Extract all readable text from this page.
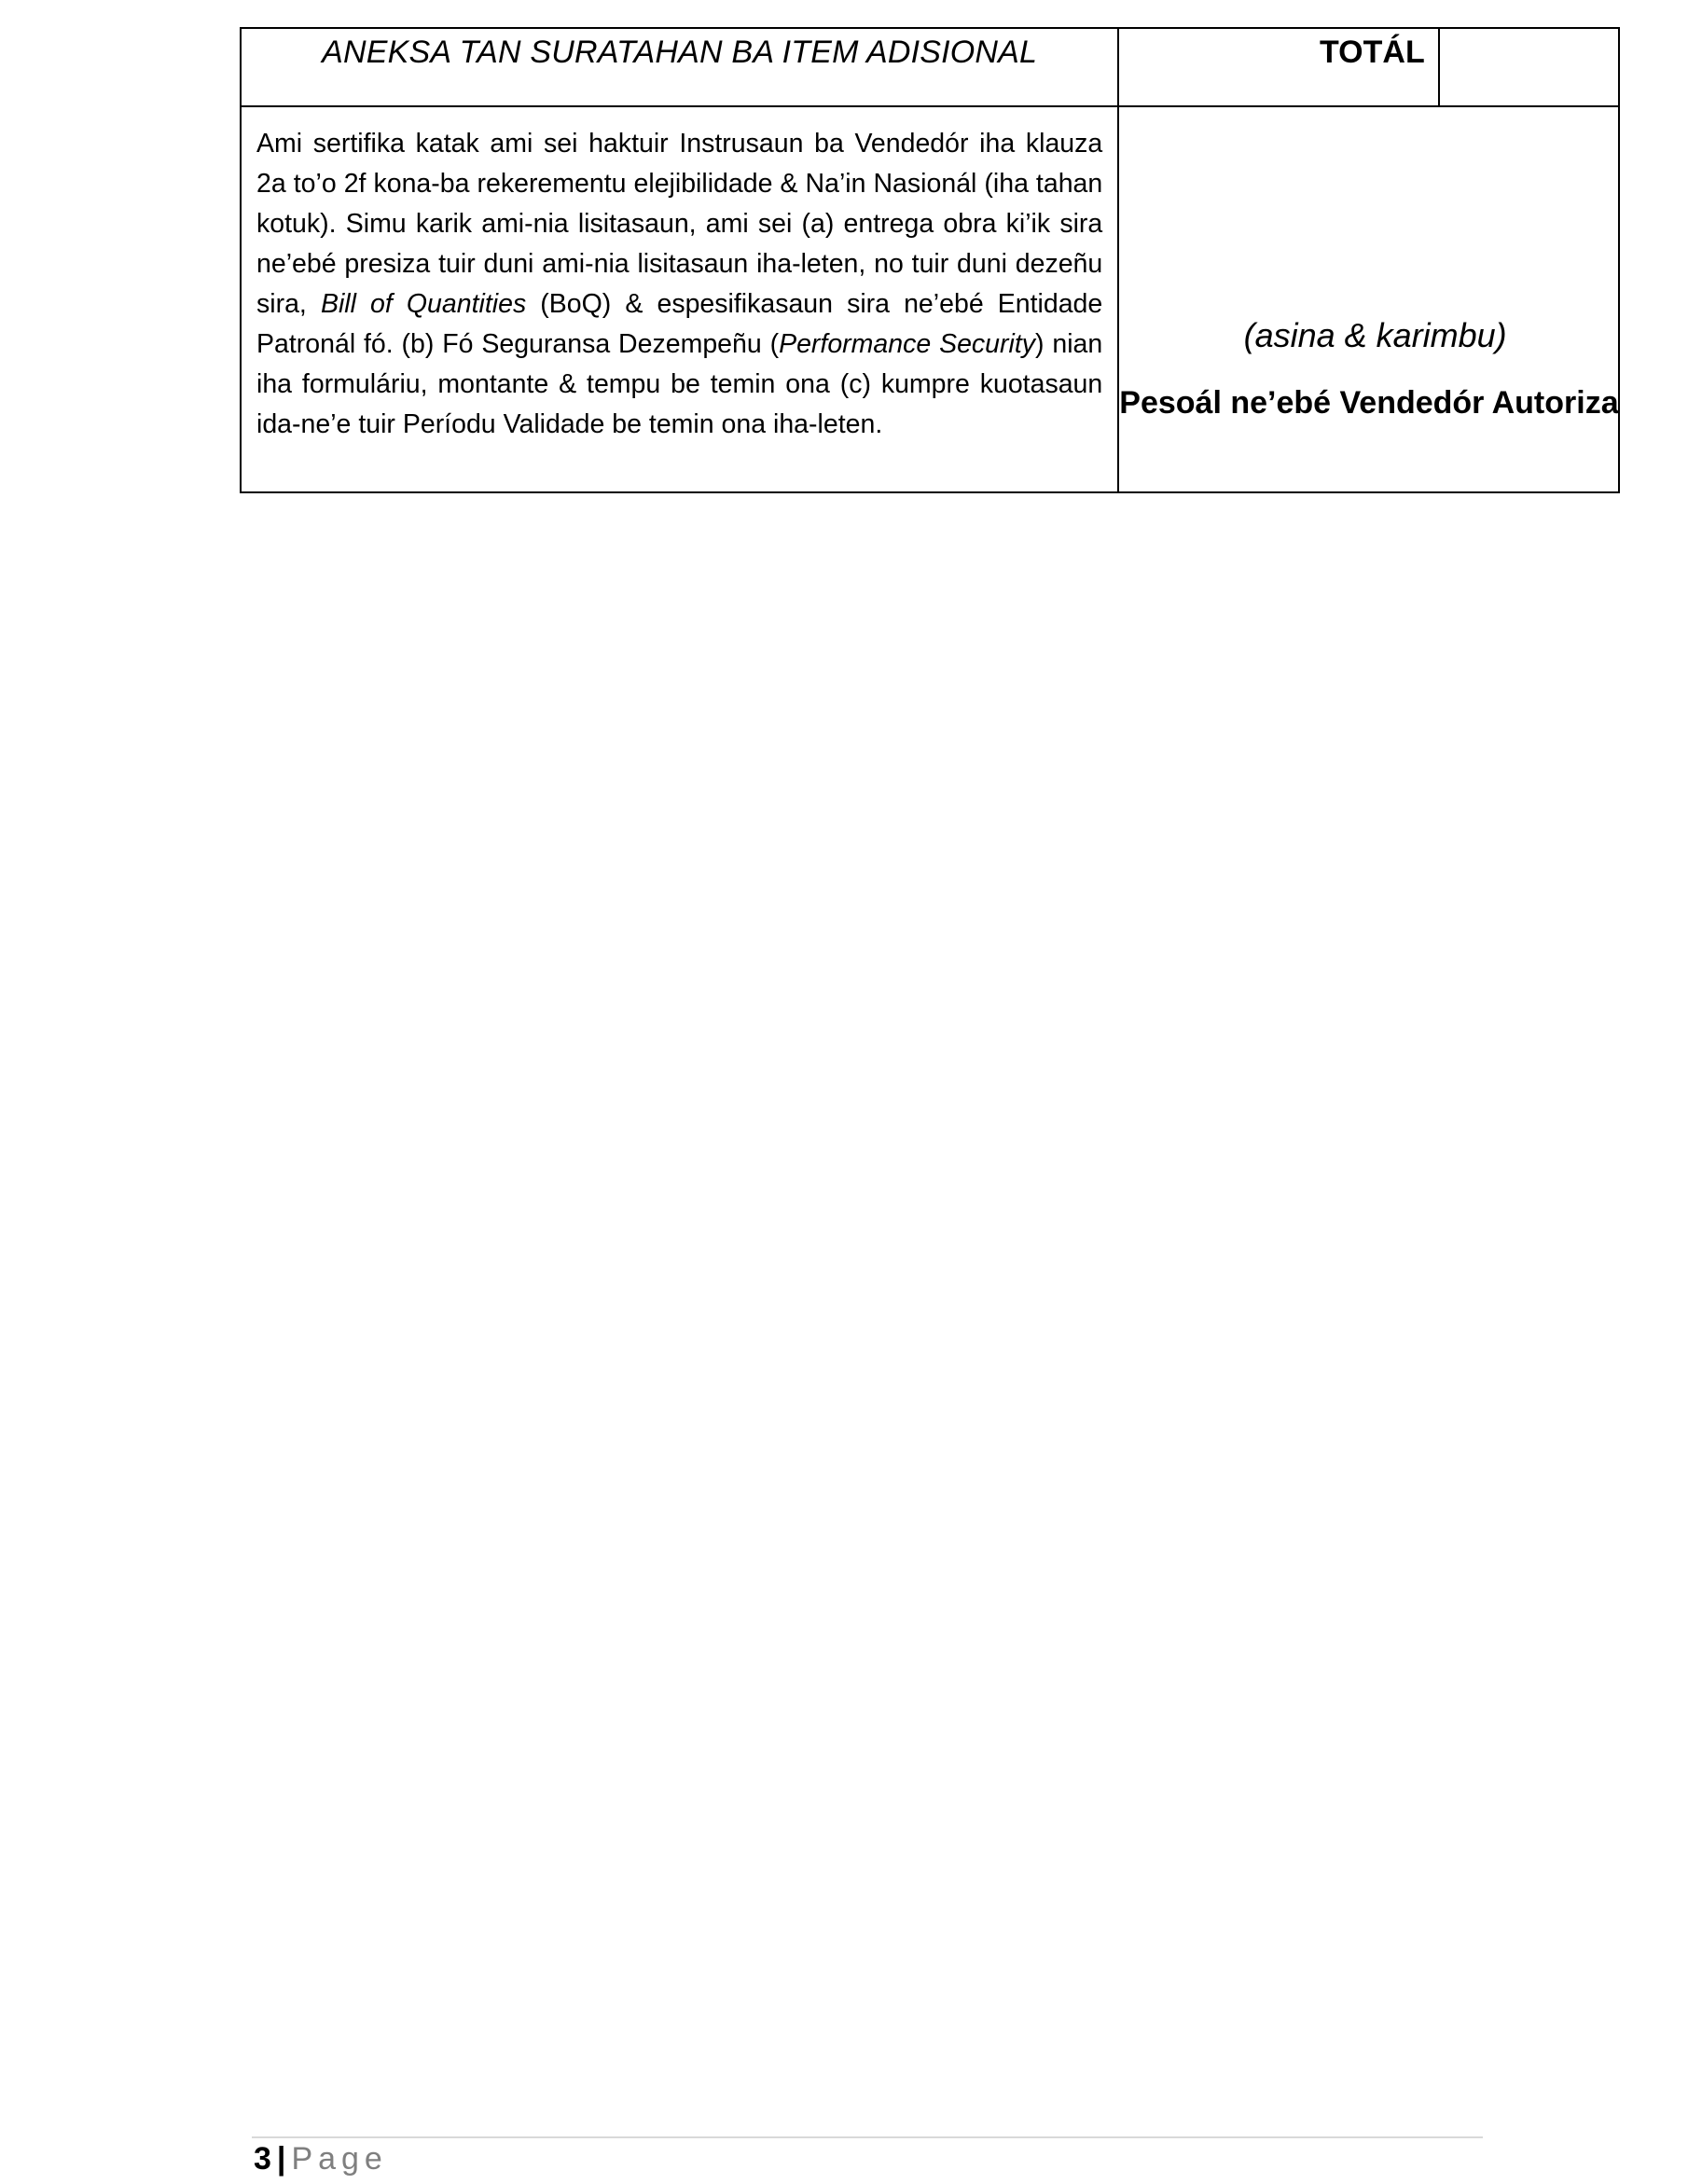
ANEKSA TAN SURATAHAN BA ITEM ADISIONAL	TOTÁL	

Ami sertifika katak ami sei haktuir Instrusaun ba Vendedór iha klauza 2a to’o 2f kona-ba rekerementu elejibilidade & Na’in Nasionál (iha tahan kotuk). Simu karik ami-nia lisitasaun, ami sei (a) entrega obra ki’ik sira ne’ebé presiza tuir duni ami-nia lisitasaun iha-leten, no tuir duni dezeñu sira, Bill of Quantities (BoQ) & espesifikasaun sira ne’ebé Entidade Patronál fó. (b) Fó Seguransa Dezempeñu (Performance Security) nian iha formuláriu, montante & tempu be temin ona (c) kumpre kuotasaun ida-ne’e tuir Períodu Validade be temin ona iha-leten.	(asina & karimbu)
Pesoál ne’ebé Vendedór Autoriza	
3 | Page
